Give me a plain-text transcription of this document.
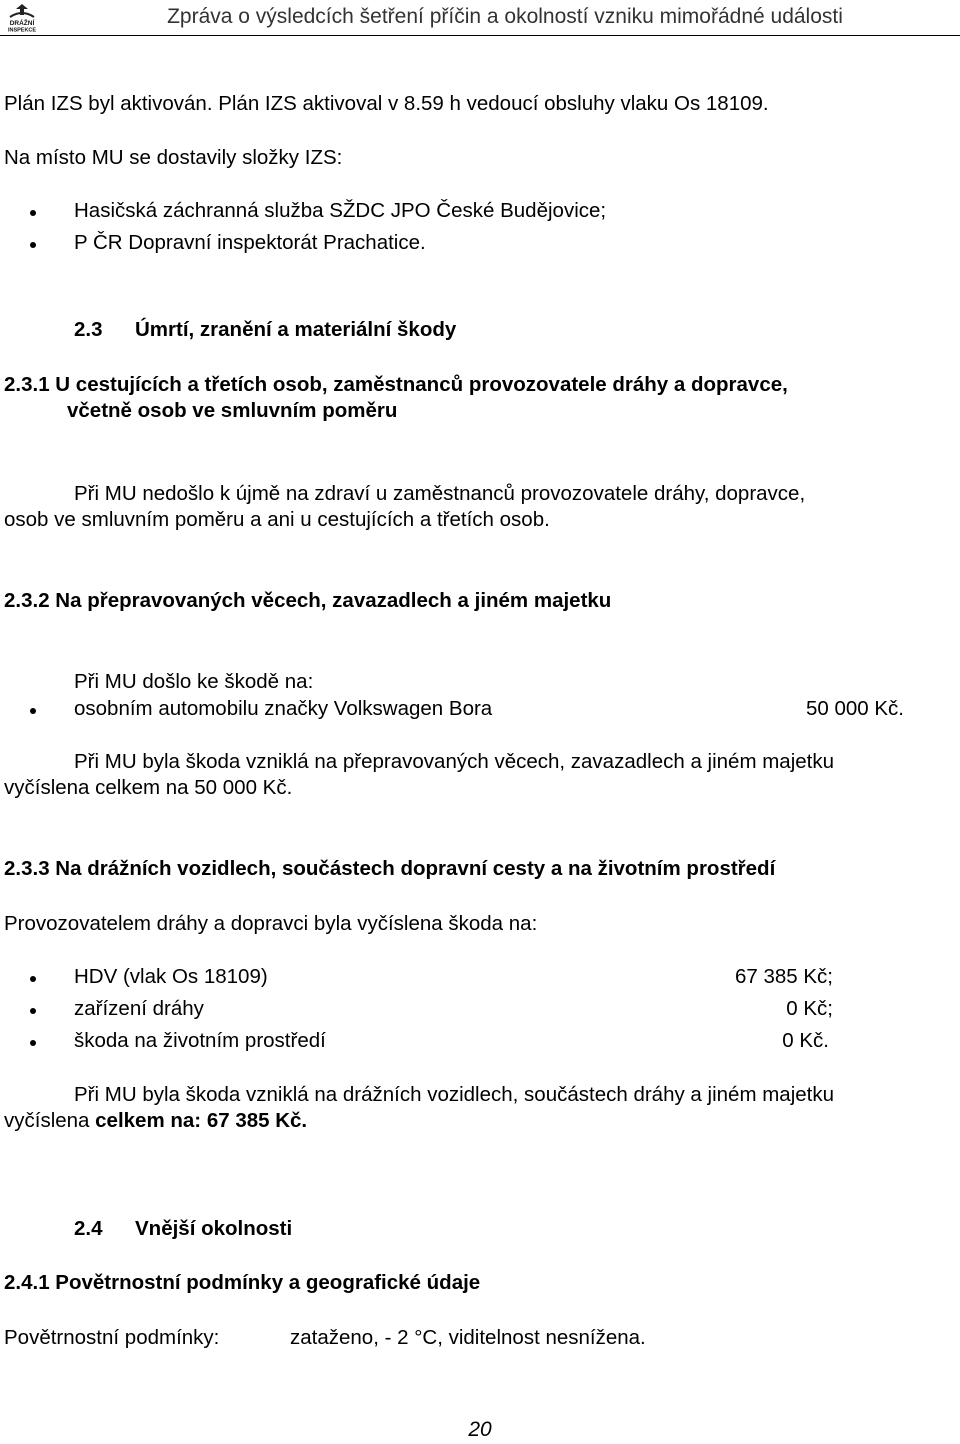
DRÁŽNÍ
INSPEKCE
Zpráva o výsledcích šetření příčin a okolností vzniku mimořádné události
Plán IZS byl aktivován. Plán IZS aktivoval v 8.59 h vedoucí obsluhy vlaku Os 18109.
Na místo MU se dostavily složky IZS:
Hasičská záchranná služba SŽDC JPO České Budějovice;
P ČR Dopravní inspektorát Prachatice.
2.3 Úmrtí, zranění a materiální škody
2.3.1 U cestujících a třetích osob, zaměstnanců provozovatele dráhy a dopravce,
včetně osob ve smluvním poměru
Při MU nedošlo k újmě na zdraví u zaměstnanců provozovatele dráhy, dopravce,
osob ve smluvním poměru a ani u cestujících a třetích osob.
2.3.2 Na přepravovaných věcech, zavazadlech a jiném majetku
Při MU došlo ke škodě na:
osobním automobilu značky Volkswagen Bora	50 000 Kč.
Při MU byla škoda vzniklá na přepravovaných věcech, zavazadlech a jiném majetku
vyčíslena celkem na 50 000 Kč.
2.3.3 Na drážních vozidlech, součástech dopravní cesty a na životním prostředí
Provozovatelem dráhy a dopravci byla vyčíslena škoda na:
HDV (vlak Os 18109)	67 385 Kč;
zařízení dráhy	0 Kč;
škoda na životním prostředí	0 Kč.
Při MU byla škoda vzniklá na drážních vozidlech, součástech dráhy a jiném majetku
vyčíslena celkem na: 67 385 Kč.
2.4 Vnější okolnosti
2.4.1 Povětrnostní podmínky a geografické údaje
Povětrnostní podmínky:	zataženo, - 2 °C, viditelnost nesnížena.
20
